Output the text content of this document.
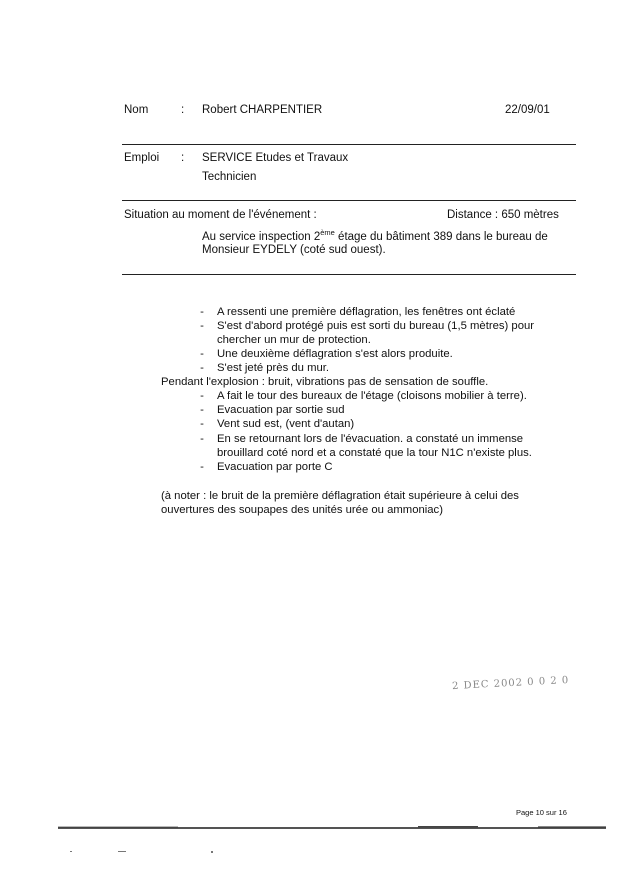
Nom	: Robert CHARPENTIER	22/09/01
Emploi : SERVICE Etudes et Travaux
Technicien
Situation au moment de l'événement :	Distance : 650 mètres
Au service inspection 2ème étage du bâtiment 389 dans le bureau de
Monsieur EYDELY (coté sud ouest).
-	A ressenti une première déflagration, les fenêtres ont éclaté
-	S'est d'abord protégé puis est sorti du bureau (1,5 mètres) pour
chercher un mur de protection.
-	Une deuxième déflagration s'est alors produite.
-	S'est jeté près du mur.
Pendant l'explosion : bruit, vibrations pas de sensation de souffle.
-	A fait le tour des bureaux de l'étage (cloisons mobilier à terre).
-	Evacuation par sortie sud
-	Vent sud est, (vent d'autan)
-	En se retournant lors de l'évacuation. a constaté un immense
brouillard coté nord et a constaté que la tour N1C n'existe plus.
-	Evacuation par porte C
(à noter : le bruit de la première déflagration était supérieure à celui des
ouvertures des soupapes des unités urée ou ammoniac)
2 DEC 2002 0 0 2 0
Page 10 sur 16
